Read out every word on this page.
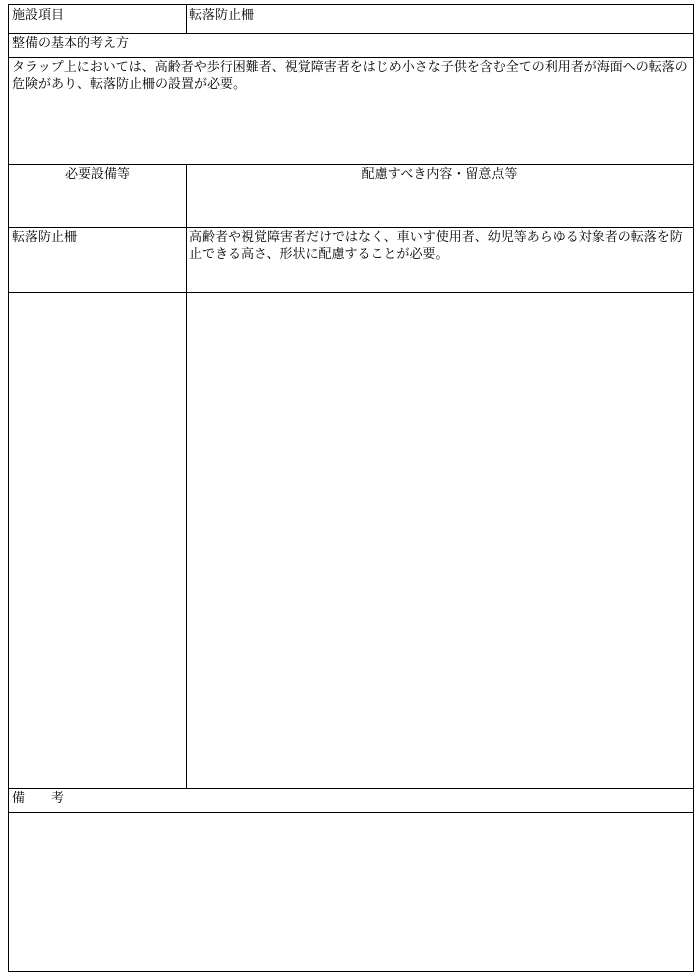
施設項目	転落防止柵
整備の基本的考え方
タラップ上においては、高齢者や歩行困難者、視覚障害者をはじめ小さな子供を含む全ての利用者が海面への転落の危険があり、転落防止柵の設置が必要。
必要設備等	配慮すべき内容・留意点等
転落防止柵	高齢者や視覚障害者だけではなく、車いす使用者、幼児等あらゆる対象者の転落を防止できる高さ、形状に配慮することが必要。
備　　考
